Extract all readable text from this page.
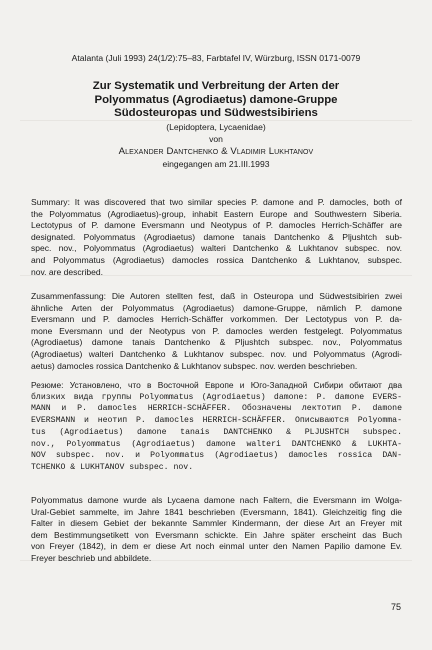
Atalanta (Juli 1993) 24(1/2):75–83, Farbtafel IV, Würzburg, ISSN 0171-0079
Zur Systematik und Verbreitung der Arten der
Polyommatus (Agrodiaetus) damone-Gruppe
Südosteuropas und Südwestsibiriens
(Lepidoptera, Lycaenidae)
von
Alexander Dantchenko & Vladimir Lukhtanov
eingegangen am 21.III.1993
Summary: It was discovered that two similar species P. damone and P. damocles, both of
the Polyommatus (Agrodiaetus)-group, inhabit Eastern Europe and Southwestern Siberia.
Lectotypus of P. damone Eversmann und Neotypus of P. damocles Herrich-Schäffer are
designated. Polyommatus (Agrodiaetus) damone tanais Dantchenko & Pljushtch sub-
spec. nov., Polyommatus (Agrodiaetus) walteri Dantchenko & Lukhtanov subspec. nov.
and Polyommatus (Agrodiaetus) damocles rossica Dantchenko & Lukhtanov, subspec.
nov. are described.
Zusammenfassung: Die Autoren stellten fest, daß in Osteuropa und Südwestsibirien zwei
ähnliche Arten der Polyommatus (Agrodiaetus) damone-Gruppe, nämlich P. damone
Eversmann und P. damocles Herrich-Schäffer vorkommen. Der Lectotypus von P. da-
mone Eversmann und der Neotypus von P. damocles werden festgelegt. Polyommatus
(Agrodiaetus) damone tanais Dantchenko & Pljushtch subspec. nov., Polyommatus
(Agrodiaetus) walteri Dantchenko & Lukhtanov subspec. nov. und Polyommatus (Agrodi-
aetus) damocles rossica Dantchenko & Lukhtanov subspec. nov. werden beschrieben.
Резюме: Установлено, что в Восточной Европе и Юго-Западной Сибири обитают два
близких вида группы Polyommatus (Agrodiaetus) damone: P. damone EVERS-
MANN и P. damocles HERRICH-SCHÄFFER. Обозначены лектотип P. damone
EVERSMANN и неотип P. damocles HERRICH-SCHÄFFER. Описываются Polyomma-
tus (Agrodiaetus) damone tanais DANTCHENKO & PLJUSHTCH subspec.
nov., Polyommatus (Agrodiaetus) damone walteri DANTCHENKO & LUKHTA-
NOV subspec. nov. и Polyommatus (Agrodiaetus) damocles rossica DAN-
TCHENKO & LUKHTANOV subspec. nov.
Polyommatus damone wurde als Lycaena damone nach Faltern, die Eversmann im Wolga-
Ural-Gebiet sammelte, im Jahre 1841 beschrieben (Eversmann, 1841). Gleichzeitig fing die
Falter in diesem Gebiet der bekannte Sammler Kindermann, der diese Art an Freyer mit
dem Bestimmungsetikett von Eversmann schickte. Ein Jahre später erscheint das Buch
von Freyer (1842), in dem er diese Art noch einmal unter den Namen Papilio damone Ev.
Freyer beschrieb und abbildete.
75
